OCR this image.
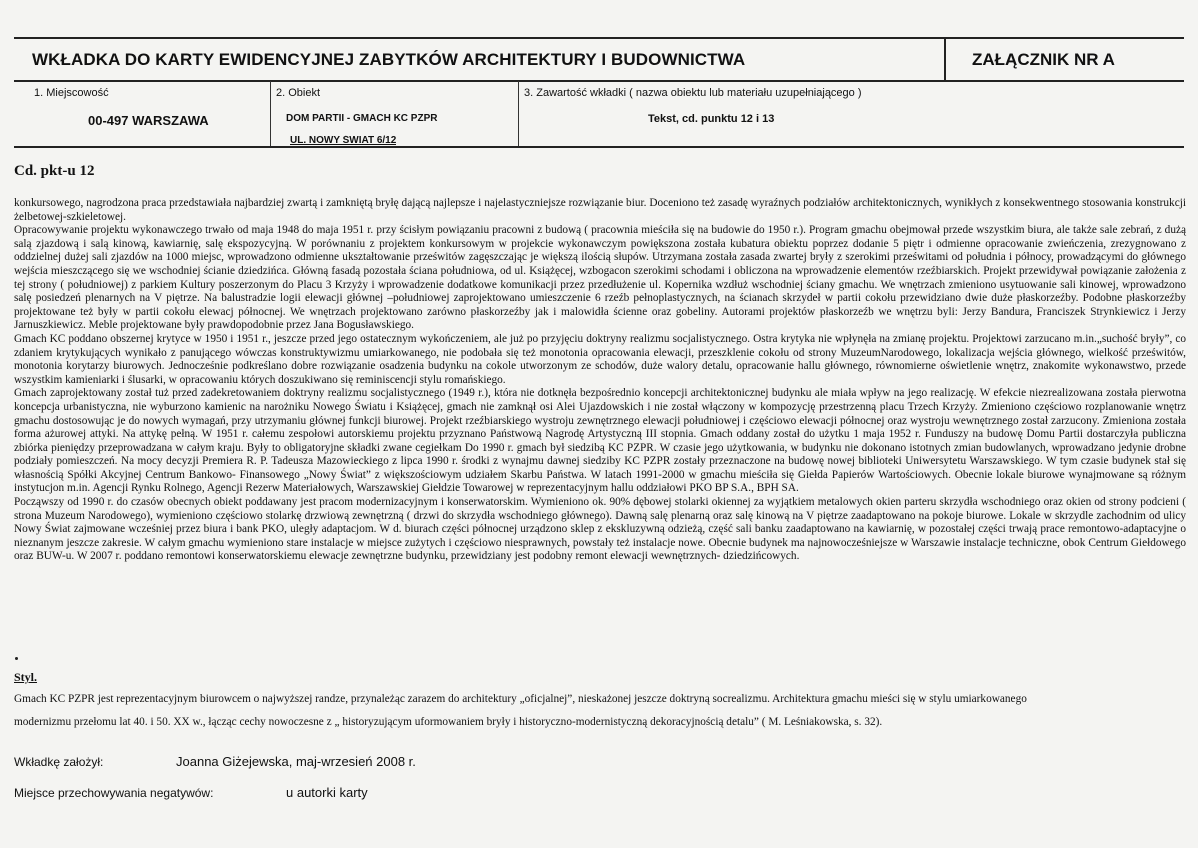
WKŁADKA DO KARTY EWIDENCYJNEJ ZABYTKÓW ARCHITEKTURY I BUDOWNICTWA	ZAŁĄCZNIK NR A
1. Miejscowość
00-497 WARSZAWA
2. Obiekt
DOM PARTII - GMACH KC PZPR
UL. NOWY ŚWIAT 6/12
3. Zawartość wkładki ( nazwa obiektu lub materiału uzupełniającego )
Tekst, cd. punktu 12 i 13
Cd. pkt-u 12

konkursowego, nagrodzona praca przedstawiała najbardziej zwartą i zamkniętą bryłę dającą najlepsze i najelastyczniejsze rozwiązanie biur. Doceniono też zasadę wyraźnych podziałów architektonicznych, wynikłych z konsekwentnego stosowania konstrukcji żelbetowej-szkieletowej.

Opracowywanie projektu wykonawczego trwało od maja 1948 do maja 1951 r. przy ścisłym powiązaniu pracowni z budową ( pracownia mieściła się na budowie do 1950 r.). Program gmachu obejmował przede wszystkim biura, ale także sale zebrań, z dużą salą zjazdową i salą kinową, kawiarnię, salę ekspozycyjną. W porównaniu z projektem konkursowym w projekcie wykonawczym powiększona została kubatura obiektu poprzez dodanie 5 piętr i odmienne opracowanie zwieńczenia, zrezygnowano z oddzielnej dużej sali zjazdów na 1000 miejsc, wprowadzono odmienne ukształtowanie prześwitów zagęszczając je większą ilością słupów. Utrzymana została zasada zwartej bryły z szerokimi prześwitami od południa i północy, prowadzącymi do głównego wejścia mieszczącego się we wschodniej ścianie dziedzińca. Główną fasadą pozostała ściana południowa, od ul. Książęcej, wzbogacon szerokimi schodami i obliczona na wprowadzenie elementów rzeźbiarskich. Projekt przewidywał powiązanie założenia z tej strony ( południowej) z parkiem Kultury poszerzonym do Placu 3 Krzyży i wprowadzenie dodatkowe komunikacji przez przedłużenie ul. Kopernika wzdłuż wschodniej ściany gmachu. We wnętrzach zmieniono usytuowanie sali kinowej, wprowadzono salę posiedzeń plenarnych na V piętrze. Na balustradzie logii elewacji głównej –południowej zaprojektowano umieszczenie 6 rzeźb pełnoplastycznych, na ścianach skrzydeł w partii cokołu przewidziano dwie duże płaskorzeźby. Podobne płaskorzeźby projektowane też były w partii cokołu elewacj północnej. We wnętrzach projektowano zarówno płaskorzeźby jak i malowidła ścienne oraz gobeliny. Autorami projektów płaskorzeźb we wnętrzu byli: Jerzy Bandura, Franciszek Strynkiewicz i Jerzy Jarnuszkiewicz. Meble projektowane były prawdopodobnie przez Jana Bogusławskiego.

Gmach KC poddano obszernej krytyce w 1950 i 1951 r., jeszcze przed jego ostatecznym wykończeniem, ale już po przyjęciu doktryny realizmu socjalistycznego. Ostra krytyka nie wpłynęła na zmianę projektu. Projektowi zarzucano m.in.„suchość bryły”, co zdaniem krytykujących wynikało z panującego wówczas konstruktywizmu umiarkowanego, nie podobała się też monotonia opracowania elewacji, przeszklenie cokołu od strony MuzeumNarodowego, lokalizacja wejścia głównego, wielkość prześwitów, monotonia korytarzy biurowych. Jednocześnie podkreślano dobre rozwiązanie osadzenia budynku na cokole utworzonym ze schodów, duże walory detalu, opracowanie hallu głównego, równomierne oświetlenie wnętrz, znakomite wykonawstwo, przede wszystkim kamieniarki i ślusarki, w opracowaniu których doszukiwano się reminiscencji stylu romańskiego.

Gmach zaprojektowany został tuż przed zadekretowaniem doktryny realizmu socjalistycznego (1949 r.), która nie dotknęła bezpośrednio koncepcji architektonicznej budynku ale miała wpływ na jego realizację. W efekcie niezrealizowana została pierwotna koncepcja urbanistyczna, nie wyburzono kamienic na narożniku Nowego Światu i Książęcej, gmach nie zamknął osi Alei Ujazdowskich i nie został włączony w kompozycję przestrzenną placu Trzech Krzyży. Zmieniono częściowo rozplanowanie wnętrz gmachu dostosowując je do nowych wymagań, przy utrzymaniu głównej funkcji biurowej. Projekt rzeźbiarskiego wystroju zewnętrznego elewacji południowej i częściowo elewacji północnej oraz wystroju wewnętrznego został zarzucony. Zmieniona została forma ażurowej attyki. Na attykę pełną. W 1951 r. całemu zespołowi autorskiemu projektu przyznano Państwową Nagrodę Artystyczną III stopnia. Gmach oddany został do użytku 1 maja 1952 r. Funduszy na budowę Domu Partii dostarczyła publiczna zbiórka pieniędzy przeprowadzana w całym kraju. Były to obligatoryjne składki zwane cegiełkam Do 1990 r. gmach był siedzibą KC PZPR. W czasie jego użytkowania, w budynku nie dokonano istotnych zmian budowlanych, wprowadzano jedynie drobne podziały pomieszczeń. Na mocy decyzji Premiera R. P. Tadeusza Mazowieckiego z lipca 1990 r. środki z wynajmu dawnej siedziby KC PZPR zostały przeznaczone na budowę nowej biblioteki Uniwersytetu Warszawskiego. W tym czasie budynek stał się własnością Spółki Akcyjnej Centrum Bankowo- Finansowego „Nowy Świat” z większościowym udziałem Skarbu Państwa. W latach 1991-2000 w gmachu mieściła się Giełda Papierów Wartościowych. Obecnie lokale biurowe wynajmowane są różnym instytucjon m.in. Agencji Rynku Rolnego, Agencji Rezerw Materiałowych, Warszawskiej Giełdzie Towarowej w reprezentacyjnym hallu oddziałowi PKO BP S.A., BPH SA.

Począwszy od 1990 r. do czasów obecnych obiekt poddawany jest pracom modernizacyjnym i konserwatorskim. Wymieniono ok. 90% dębowej stolarki okiennej za wyjątkiem metalowych okien parteru skrzydła wschodniego oraz okien od strony podcieni ( strona Muzeum Narodowego), wymieniono częściowo stolarkę drzwiową zewnętrzną ( drzwi do skrzydła wschodniego głównego). Dawną salę plenarną oraz salę kinową na V piętrze zaadaptowano na pokoje biurowe. Lokale w skrzydle zachodnim od ulicy Nowy Świat zajmowane wcześniej przez biura i bank PKO, uległy adaptacjom. W d. biurach części północnej urządzono sklep z ekskluzywną odzieżą, część sali banku zaadaptowano na kawiarnię, w pozostałej części trwają prace remontowo-adaptacyjne o nieznanym jeszcze zakresie. W całym gmachu wymieniono stare instalacje w miejsce zużytych i częściowo niesprawnych, powstały też instalacje nowe. Obecnie budynek ma najnowocześniejsze w Warszawie instalacje techniczne, obok Centrum Giełdowego oraz BUW-u. W 2007 r. poddano remontowi konserwatorskiemu elewacje zewnętrzne budynku, przewidziany jest podobny remont elewacji wewnętrznych- dziedzińcowych.

Styl.

Gmach KC PZPR jest reprezentacyjnym biurowcem o najwyższej randze, przynależąc zarazem do architektury „oficjalnej”, nieskażonej jeszcze doktryną socrealizmu. Architektura gmachu mieści się w stylu umiarkowanego

modernizmu przełomu lat 40. i 50. XX w., łącząc cechy nowoczesne z „ historyzującym uformowaniem bryły i historyczno-modernistyczną dekoracyjnością detalu” ( M. Leśniakowska, s. 32).

Wkładkę założył:	Joanna Giżejewska, maj-wrzesień 2008 r.
Miejsce przechowywania negatywów:	u autorki karty
